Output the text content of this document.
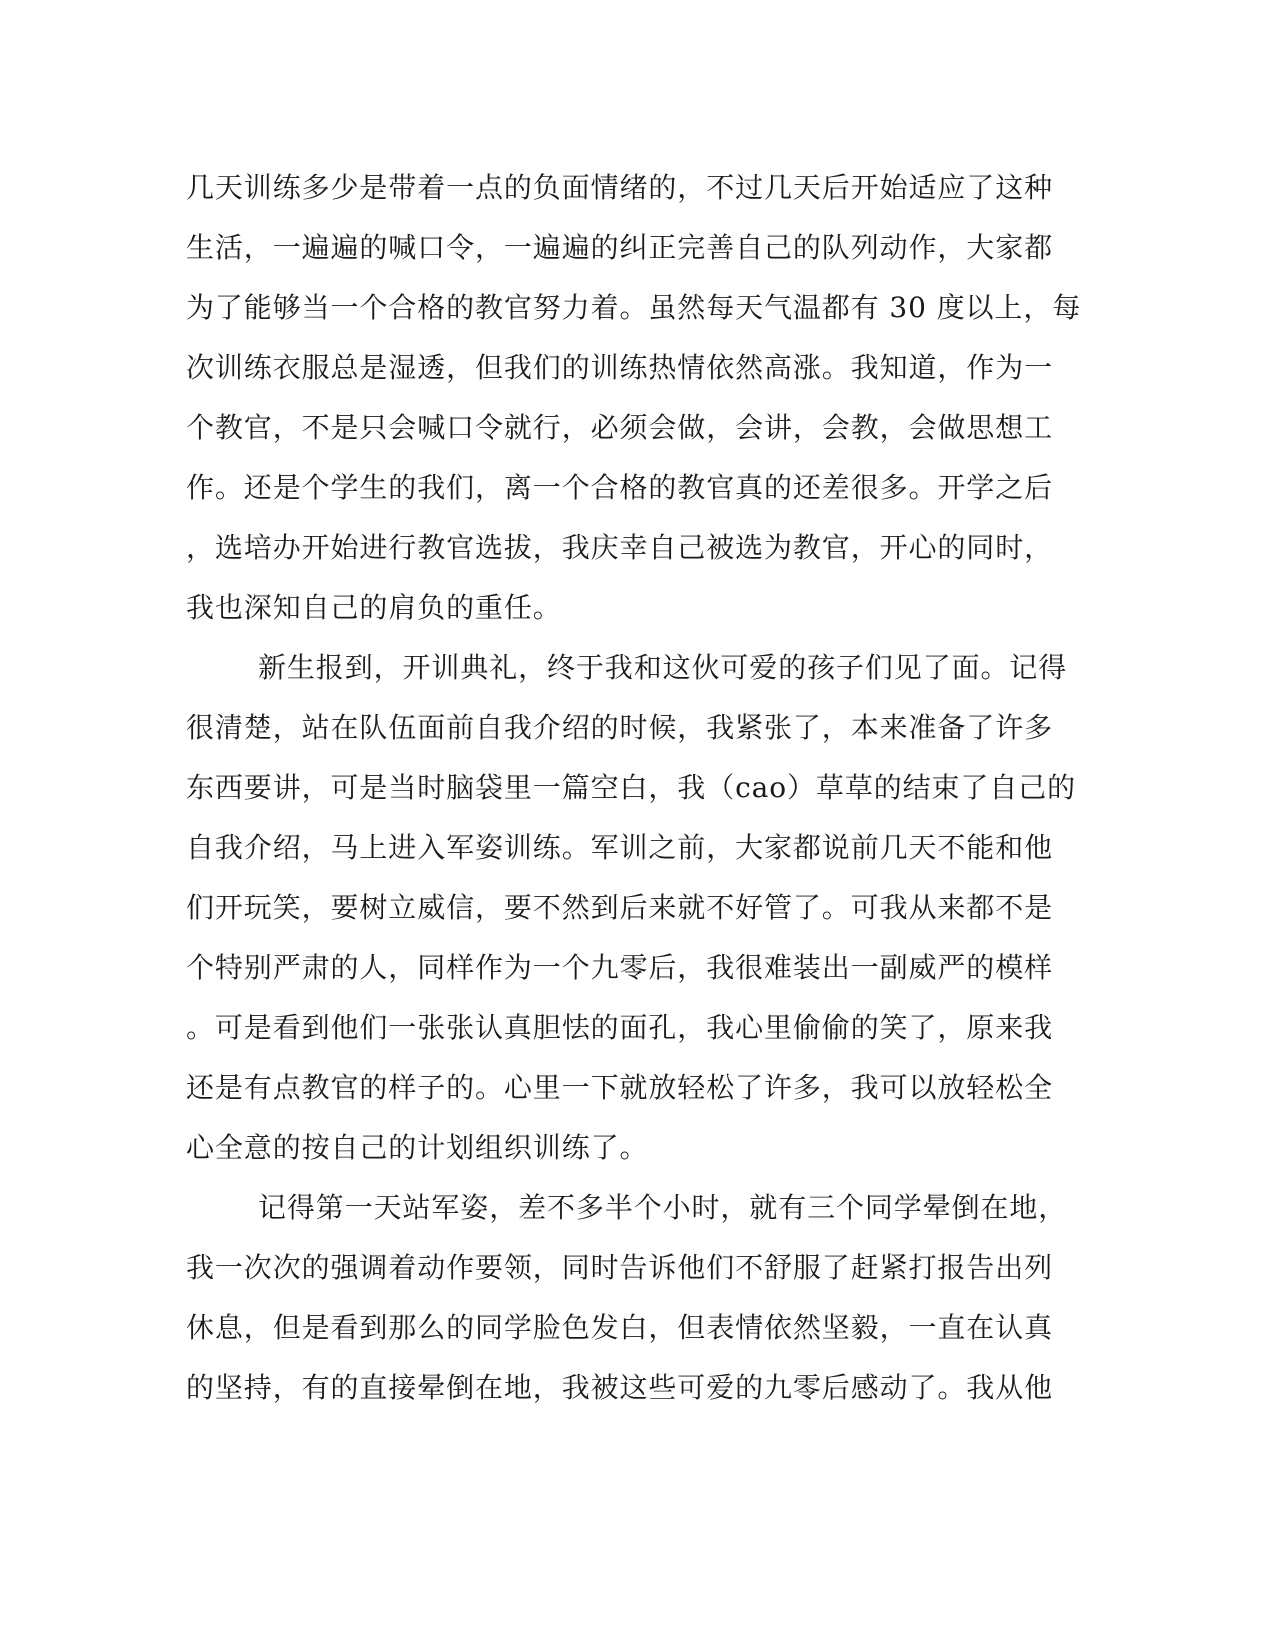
几天训练多少是带着一点的负面情绪的，不过几天后开始适应了这种
生活，一遍遍的喊口令，一遍遍的纠正完善自己的队列动作，大家都
为了能够当一个合格的教官努力着。虽然每天气温都有 30 度以上，每
次训练衣服总是湿透，但我们的训练热情依然高涨。我知道，作为一
个教官，不是只会喊口令就行，必须会做，会讲，会教，会做思想工
作。还是个学生的我们，离一个合格的教官真的还差很多。开学之后
，选培办开始进行教官选拔，我庆幸自己被选为教官，开心的同时，
我也深知自己的肩负的重任。
新生报到，开训典礼，终于我和这伙可爱的孩子们见了面。记得
很清楚，站在队伍面前自我介绍的时候，我紧张了，本来准备了许多
东西要讲，可是当时脑袋里一篇空白，我（cao）草草的结束了自己的
自我介绍，马上进入军姿训练。军训之前，大家都说前几天不能和他
们开玩笑，要树立威信，要不然到后来就不好管了。可我从来都不是
个特别严肃的人，同样作为一个九零后，我很难装出一副威严的模样
。可是看到他们一张张认真胆怯的面孔，我心里偷偷的笑了，原来我
还是有点教官的样子的。心里一下就放轻松了许多，我可以放轻松全
心全意的按自己的计划组织训练了。
记得第一天站军姿，差不多半个小时，就有三个同学晕倒在地，
我一次次的强调着动作要领，同时告诉他们不舒服了赶紧打报告出列
休息，但是看到那么的同学脸色发白，但表情依然坚毅，一直在认真
的坚持，有的直接晕倒在地，我被这些可爱的九零后感动了。我从他
